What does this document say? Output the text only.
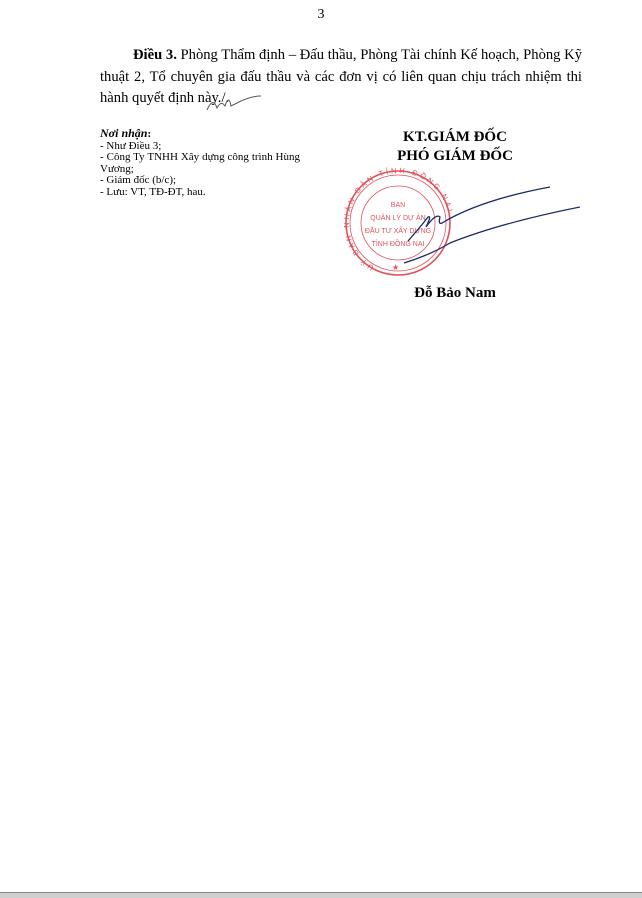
3
Điều 3. Phòng Thẩm định – Đấu thầu, Phòng Tài chính Kế hoạch, Phòng Kỹ thuật 2, Tổ chuyên gia đấu thầu và các đơn vị có liên quan chịu trách nhiệm thi hành quyết định này./.
Nơi nhận:
- Như Điều 3;
- Công Ty TNHH Xây dựng công trình Hùng Vương;
- Giám đốc (b/c);
- Lưu: VT, TĐ-ĐT, hau.
KT.GIÁM ĐỐC
PHÓ GIÁM ĐỐC
UỶ BAN NHÂN DÂN TỈNH ĐỒNG NAI
BAN
QUẢN LÝ DỰ ÁN
ĐẦU TƯ XÂY DỰNG
TỈNH ĐỒNG NAI
★
Đỗ Bảo Nam
